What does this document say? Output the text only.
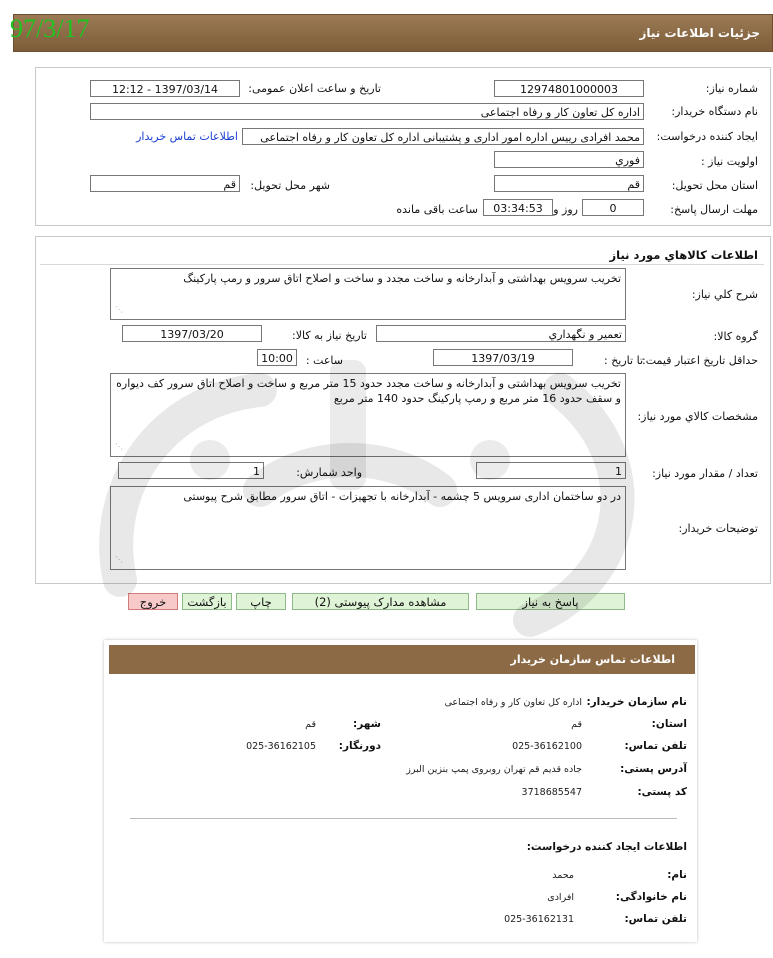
جزئیات اطلاعات نیاز
97/3/17
شماره نیاز:
12974801000003
تاریخ و ساعت اعلان عمومی:
1397/03/14 - 12:12
نام دستگاه خریدار:
اداره کل تعاون کار و رفاه اجتماعی
ایجاد کننده درخواست:
محمد افرادی رییس اداره امور اداری و پشتیبانی اداره کل تعاون کار و رفاه اجتماعی
اطلاعات تماس خریدار
اولویت نیاز :
فوري
استان محل تحویل:
قم
شهر محل تحویل:
قم
مهلت ارسال پاسخ:
0
روز و
03:34:53
ساعت باقی مانده
اطلاعات کالاهاي مورد نياز
شرح کلي نياز:
تخریب سرویس بهداشتی و آبدارخانه و ساخت مجدد و ساخت و اصلاح اتاق سرور و رمپ پارکینگ
⋰
گروه کالا:
تعمیر و نگهداري
تاریخ نیاز به کالا:
1397/03/20
حداقل تاریخ اعتبار قیمت:
تا تاریخ :
1397/03/19
ساعت :
10:00
مشخصات کالاي مورد نياز:
تخریب سرویس بهداشتی و آبدارخانه و ساخت مجدد حدود 15 متر مربع و ساخت و اصلاح اتاق سرور کف دیواره و سقف حدود 16 متر مربع و رمپ پارکینگ حدود 140 متر مربع
⋰
تعداد / مقدار مورد نیاز:
1
واحد شمارش:
1
توضیحات خریدار:
در دو ساختمان اداری سرویس 5 چشمه - آبدارخانه با تجهیزات - اتاق سرور مطابق شرح پیوستی
⋰
پاسخ به نیاز
مشاهده مدارک پیوستی (2)
چاپ
بازگشت
خروج
اطلاعات تماس سازمان خریدار
نام سازمان خریدار:
اداره کل تعاون کار و رفاه اجتماعی
استان:
قم
شهر:
قم
تلفن تماس:
025-36162100
دورنگار:
025-36162105
آدرس پستی:
جاده قدیم قم تهران روبروی پمپ بنزین البرز
کد پستی:
3718685547
اطلاعات ایجاد کننده درخواست:
نام:
محمد
نام خانوادگی:
افرادی
تلفن تماس:
025-36162131
